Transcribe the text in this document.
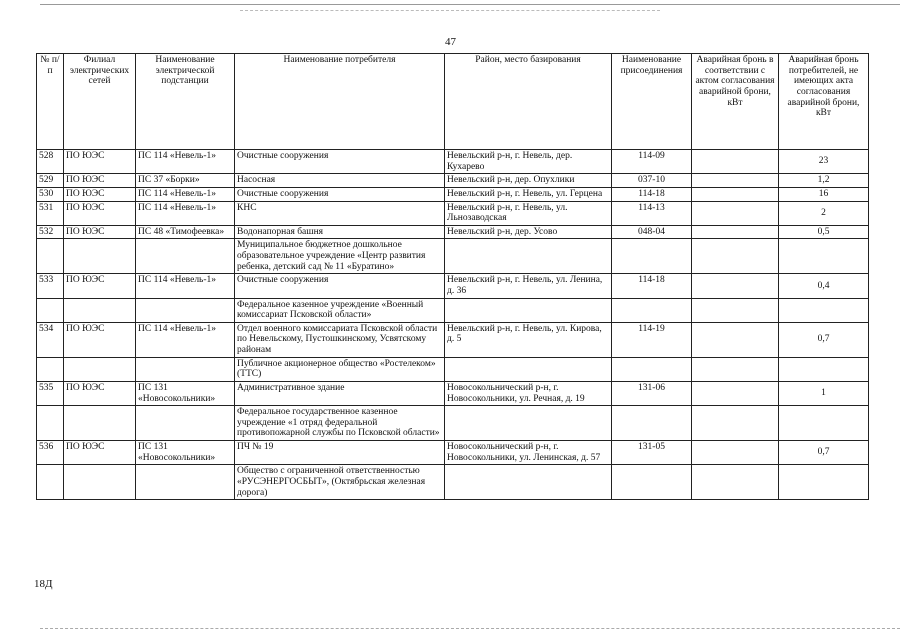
47
№ п/п	Филиал электрических сетей	Наименование электрической подстанции	Наименование потребителя	Район, место базирования	Наименование присоединения	Аварийная бронь в соответствии с актом согласования аварийной брони, кВт	Аварийная бронь потребителей, не имеющих акта согласования аварийной брони, кВт
528	ПО ЮЭС	ПС 114 «Невель-1»	Очистные сооружения	Невельский р-н, г. Невель, дер. Кухарево	114-09		23
529	ПО ЮЭС	ПС 37 «Борки»	Насосная	Невельский р-н, дер. Опухлики	037-10		1,2
530	ПО ЮЭС	ПС 114 «Невель-1»	Очистные сооружения	Невельский р-н, г. Невель, ул. Герцена	114-18		16
531	ПО ЮЭС	ПС 114 «Невель-1»	КНС	Невельский р-н, г. Невель, ул. Льнозаводская	114-13		2
532	ПО ЮЭС	ПС 48 «Тимофеевка»	Водонапорная башня	Невельский р-н, дер. Усово	048-04		0,5
			Муниципальное бюджетное дошкольное образовательное учреждение «Центр развития ребенка, детский сад № 11 «Буратино»				
533	ПО ЮЭС	ПС 114 «Невель-1»	Очистные сооружения	Невельский р-н, г. Невель, ул. Ленина, д. 36	114-18		0,4
			Федеральное казенное учреждение «Военный комиссариат Псковской области»				
534	ПО ЮЭС	ПС 114 «Невель-1»	Отдел военного комиссариата Псковской области по Невельскому, Пустошкинскому, Усвятскому районам	Невельский р-н, г. Невель, ул. Кирова, д. 5	114-19		0,7
			Публичное акционерное общество «Ростелеком» (ТТС)				
535	ПО ЮЭС	ПС 131 «Новосокольники»	Административное здание	Новосокольнический р-н, г. Новосокольники, ул. Речная, д. 19	131-06		1
			Федеральное государственное казенное учреждение «1 отряд федеральной противопожарной службы по Псковской области»				
536	ПО ЮЭС	ПС 131 «Новосокольники»	ПЧ № 19	Новосокольнический р-н, г. Новосокольники, ул. Ленинская, д. 57	131-05		0,7
			Общество с ограниченной ответственностью «РУСЭНЕРГОСБЫТ», (Октябрьская железная дорога)				
18Д
